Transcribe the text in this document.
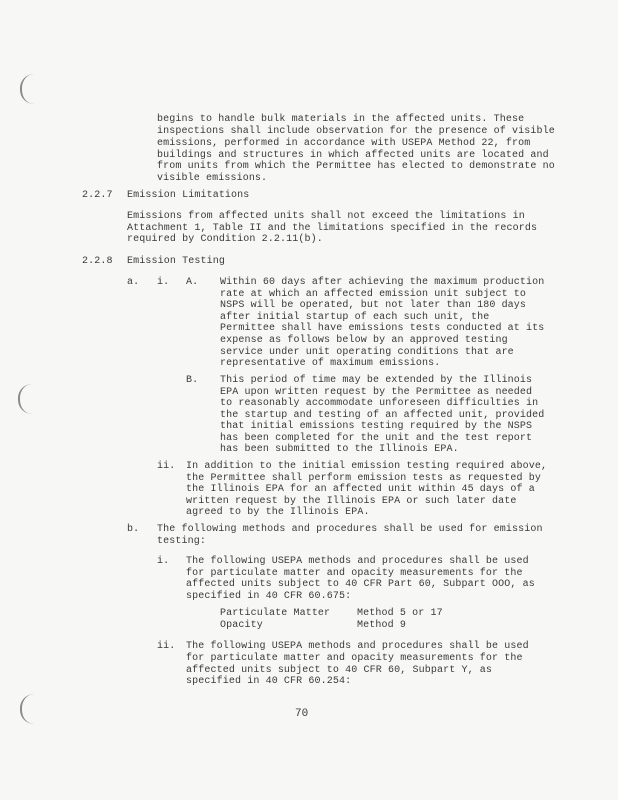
begins to handle bulk materials in the affected units. These
inspections shall include observation for the presence of visible
emissions, performed in accordance with USEPA Method 22, from
buildings and structures in which affected units are located and
from units from which the Permittee has elected to demonstrate no
visible emissions.
2.2.7 Emission Limitations
Emissions from affected units shall not exceed the limitations in
Attachment 1, Table II and the limitations specified in the records
required by Condition 2.2.11(b).
2.2.8 Emission Testing
a. i. A. Within 60 days after achieving the maximum production
rate at which an affected emission unit subject to
NSPS will be operated, but not later than 180 days
after initial startup of each such unit, the
Permittee shall have emissions tests conducted at its
expense as follows below by an approved testing
service under unit operating conditions that are
representative of maximum emissions.
B. This period of time may be extended by the Illinois
EPA upon written request by the Permittee as needed
to reasonably accommodate unforeseen difficulties in
the startup and testing of an affected unit, provided
that initial emissions testing required by the NSPS
has been completed for the unit and the test report
has been submitted to the Illinois EPA.
ii. In addition to the initial emission testing required above,
the Permittee shall perform emission tests as requested by
the Illinois EPA for an affected unit within 45 days of a
written request by the Illinois EPA or such later date
agreed to by the Illinois EPA.
b. The following methods and procedures shall be used for emission
testing:
i. The following USEPA methods and procedures shall be used
for particulate matter and opacity measurements for the
affected units subject to 40 CFR Part 60, Subpart OOO, as
specified in 40 CFR 60.675:
Particulate Matter	Method 5 or 17
Opacity	Method 9
ii. The following USEPA methods and procedures shall be used
for particulate matter and opacity measurements for the
affected units subject to 40 CFR 60, Subpart Y, as
specified in 40 CFR 60.254:
70
